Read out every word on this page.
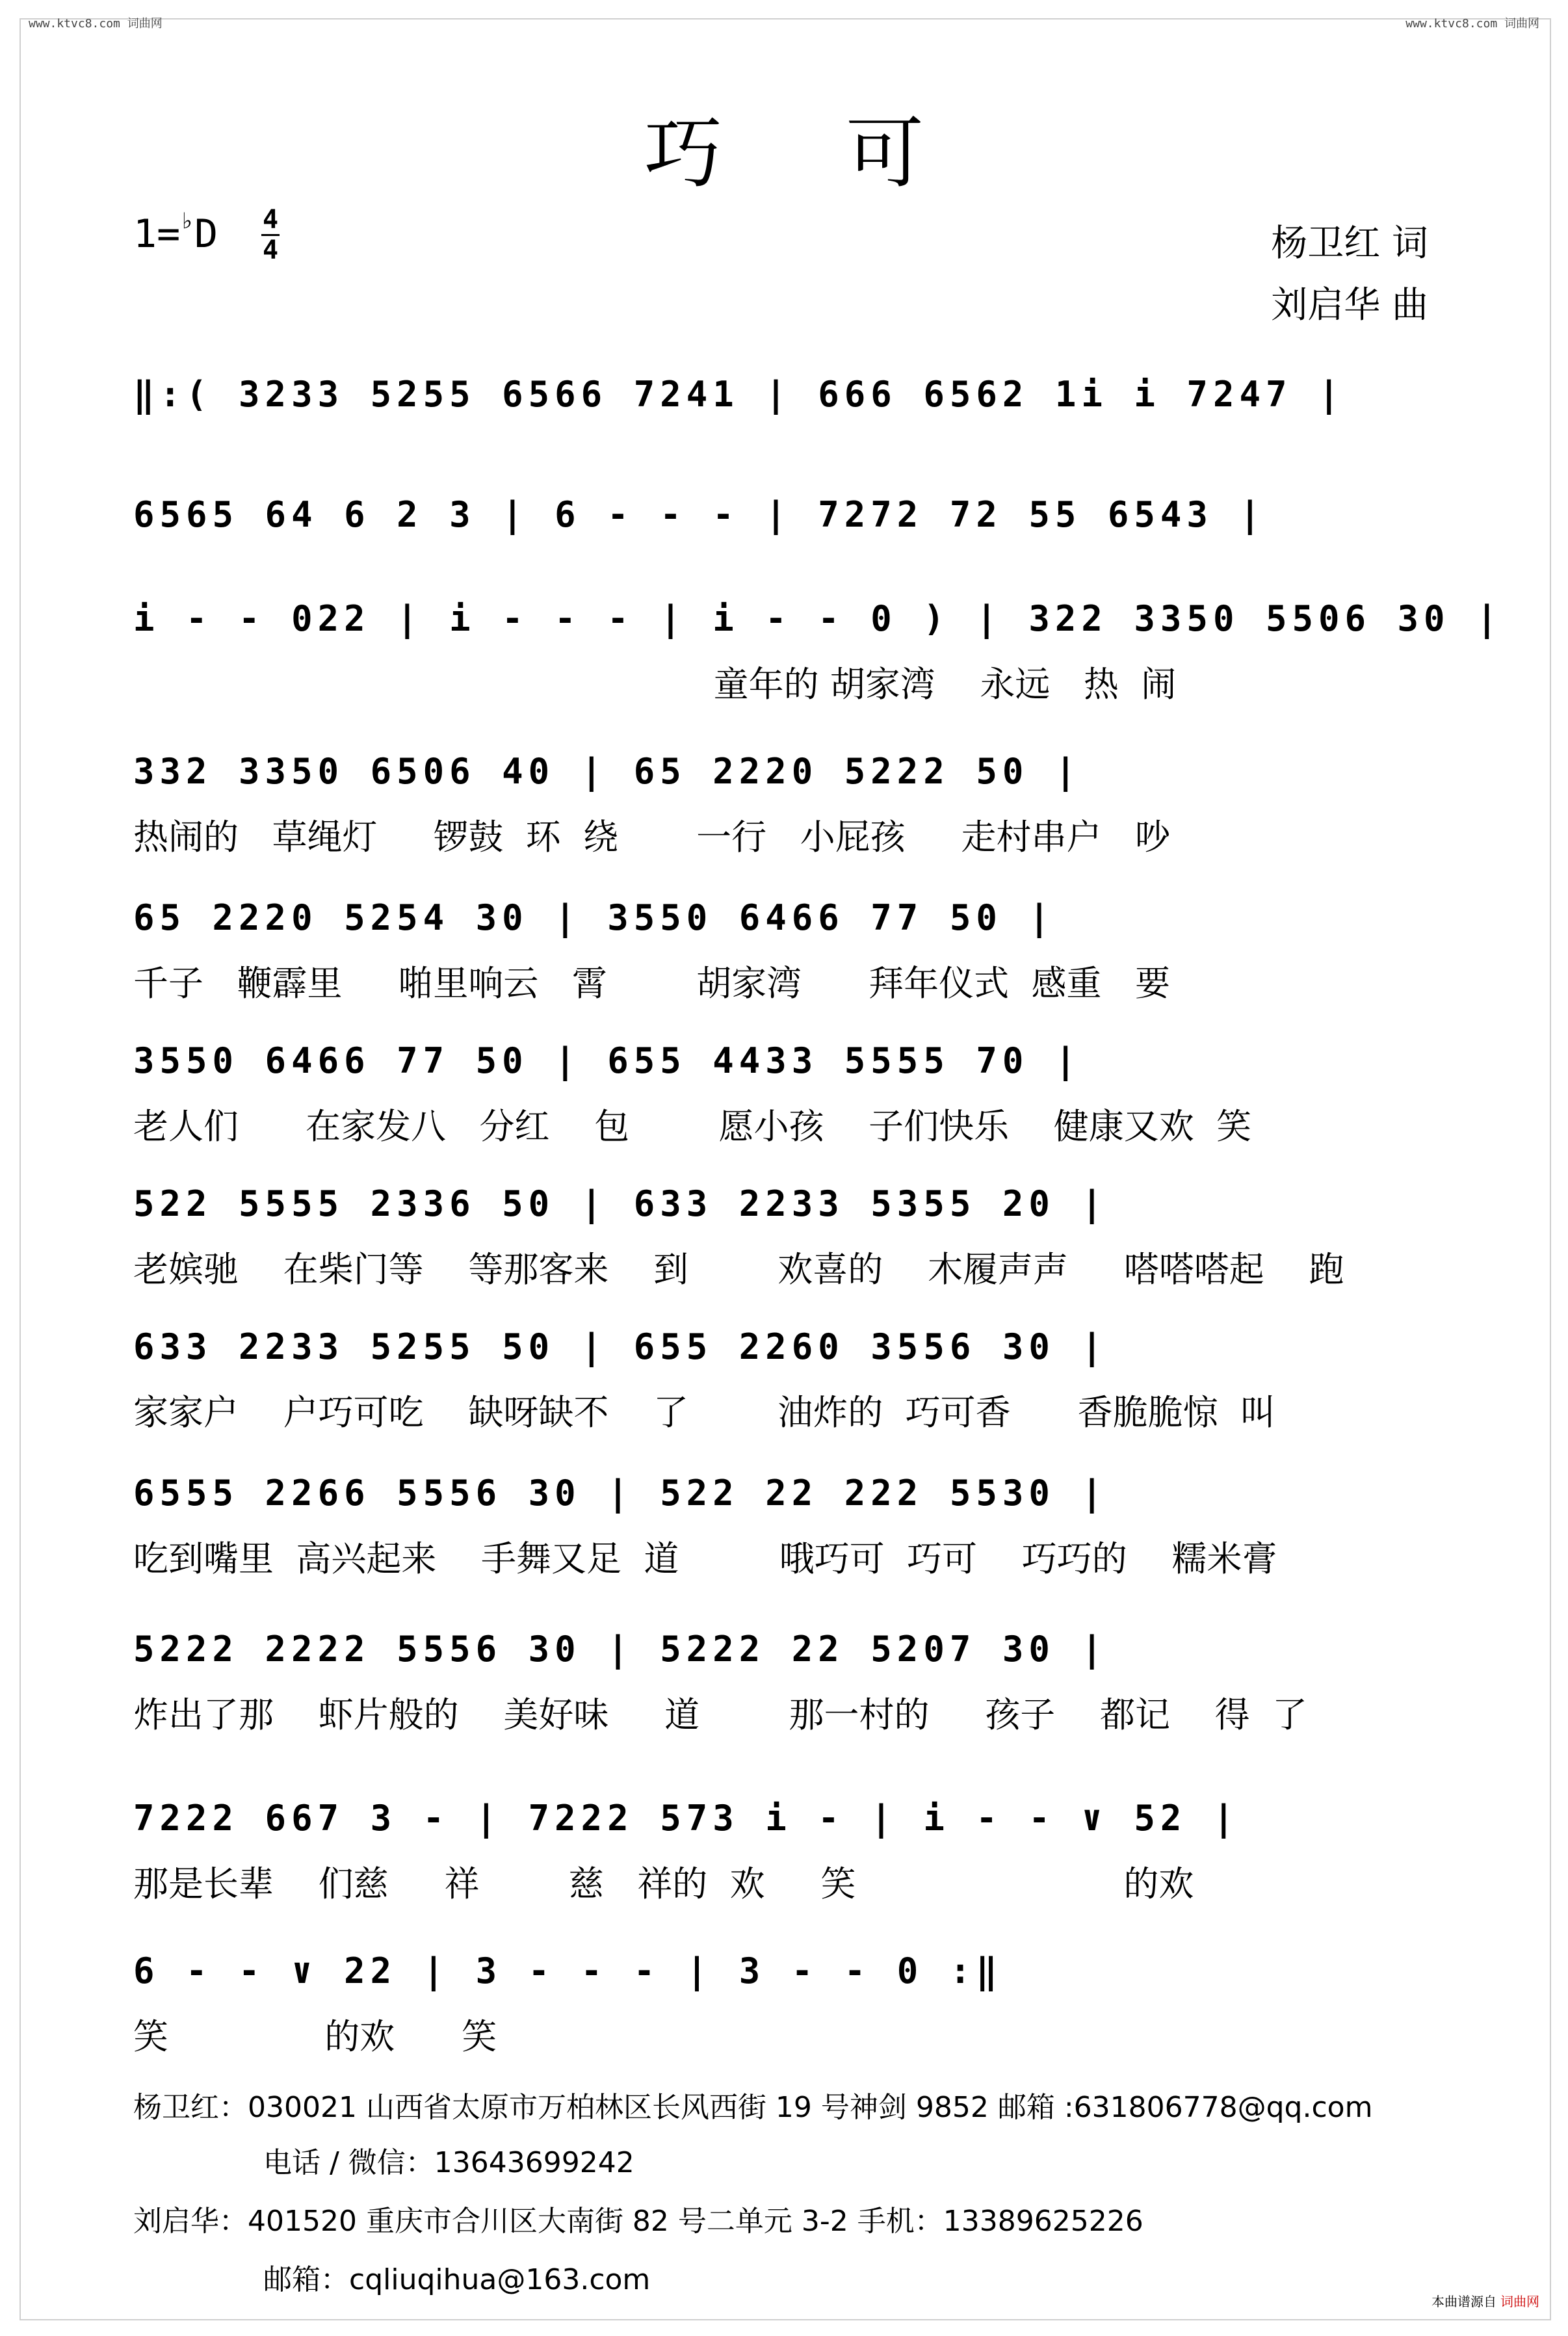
www.ktvc8.com 词曲网	www.ktvc8.com 词曲网
巧可
1=♭D 4
4	杨卫红 词
刘启华 曲
‖:( 3233 5255 6566 7241 | 666 6562 1i i 7247 |
6565 64 6 2 3 | 6 - - - | 7272 72 55 6543 |
i - - 022 | i - - - | i - - 0 ) | 322 3350 5506 30 |
童年的 胡家湾    永远   热  闹
332 3350 6506 40 | 65 2220 5222 50 |
热闹的   草绳灯     锣鼓  环  绕       一行   小屁孩     走村串户   吵
65 2220 5254 30 | 3550 6466 77 50 |
千子   鞭霹里     啪里响云   霄        胡家湾      拜年仪式  感重   要
3550 6466 77 50 | 655 4433 5555 70 |
老人们      在家发八   分红    包        愿小孩    子们快乐    健康又欢  笑
522 5555 2336 50 | 633 2233 5355 20 |
老嫔驰    在柴门等    等那客来    到        欢喜的    木履声声     嗒嗒嗒起    跑
633 2233 5255 50 | 655 2260 3556 30 |
家家户    户巧可吃    缺呀缺不    了        油炸的  巧可香      香脆脆惊  叫
6555 2266 5556 30 | 522 22 222 5530 |
吃到嘴里  高兴起来    手舞又足  道         哦巧可  巧可    巧巧的    糯米膏
5222 2222 5556 30 | 5222 22 5207 30 |
炸出了那    虾片般的    美好味     道        那一村的     孩子    都记    得  了
7222 667 3 - | 7222 573 i - | i - - ∨ 52 |
那是长辈    们慈     祥        慈   祥的  欢     笑                        的欢
6 - - ∨ 22 | 3 - - - | 3 - - 0 :‖
笑              的欢      笑
杨卫红：030021 山西省太原市万柏林区长风西街 19 号神剑 9852 邮箱 :631806778@qq.com
电话 / 微信：13643699242
刘启华：401520 重庆市合川区大南街 82 号二单元 3-2 手机：13389625226
邮箱：cqliuqihua@163.com
本曲谱源自 词曲网
